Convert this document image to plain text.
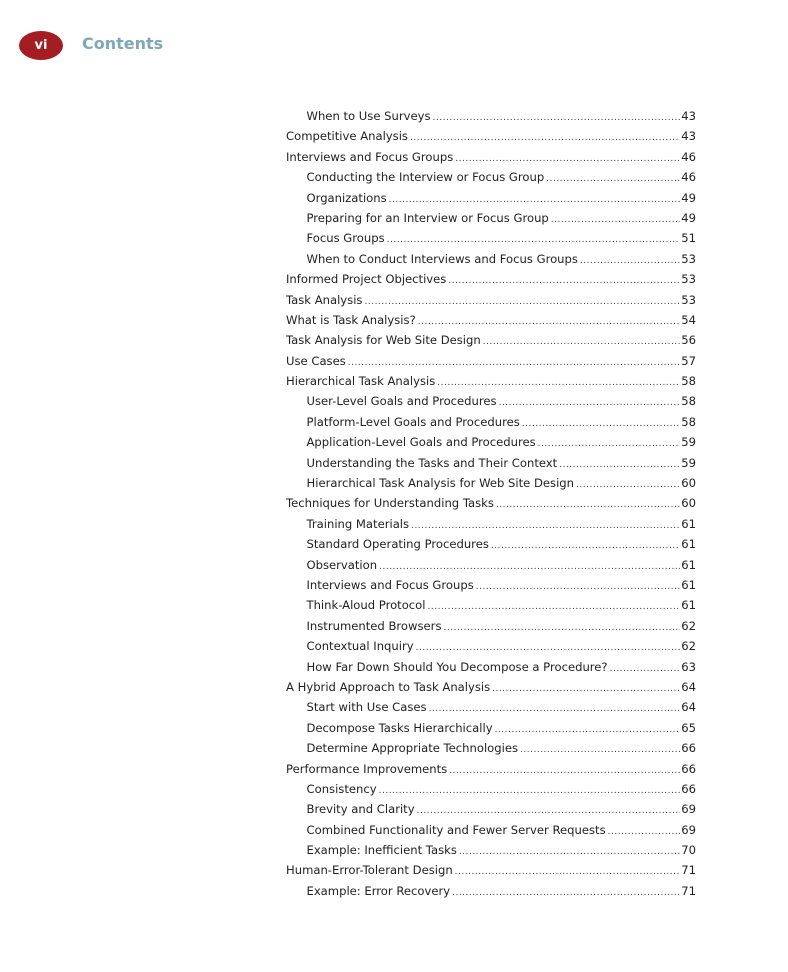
vi	Contents
When to Use Surveys .....	43
Competitive Analysis .....	43
Interviews and Focus Groups .....	46
Conducting the Interview or Focus Group .....	46
Organizations .....	49
Preparing for an Interview or Focus Group .....	49
Focus Groups .....	51
When to Conduct Interviews and Focus Groups .....	53
Informed Project Objectives .....	53
Task Analysis .....	53
What is Task Analysis? .....	54
Task Analysis for Web Site Design .....	56
Use Cases .....	57
Hierarchical Task Analysis .....	58
User-Level Goals and Procedures .....	58
Platform-Level Goals and Procedures .....	58
Application-Level Goals and Procedures .....	59
Understanding the Tasks and Their Context .....	59
Hierarchical Task Analysis for Web Site Design .....	60
Techniques for Understanding Tasks .....	60
Training Materials .....	61
Standard Operating Procedures .....	61
Observation .....	61
Interviews and Focus Groups .....	61
Think-Aloud Protocol .....	61
Instrumented Browsers .....	62
Contextual Inquiry .....	62
How Far Down Should You Decompose a Procedure? .....	63
A Hybrid Approach to Task Analysis .....	64
Start with Use Cases .....	64
Decompose Tasks Hierarchically .....	65
Determine Appropriate Technologies .....	66
Performance Improvements .....	66
Consistency .....	66
Brevity and Clarity .....	69
Combined Functionality and Fewer Server Requests .....	69
Example: Inefficient Tasks .....	70
Human-Error-Tolerant Design .....	71
Example: Error Recovery .....	71
